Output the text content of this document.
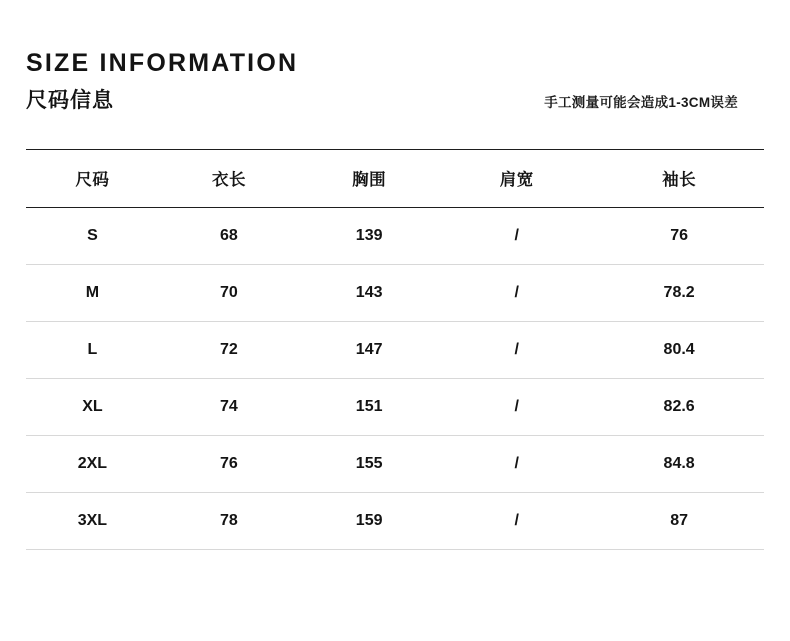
SIZE INFORMATION
尺码信息	手工测量可能会造成1-3CM误差
尺码	衣长	胸围	肩宽	袖长
S	68	139	/	76
M	70	143	/	78.2
L	72	147	/	80.4
XL	74	151	/	82.6
2XL	76	155	/	84.8
3XL	78	159	/	87
